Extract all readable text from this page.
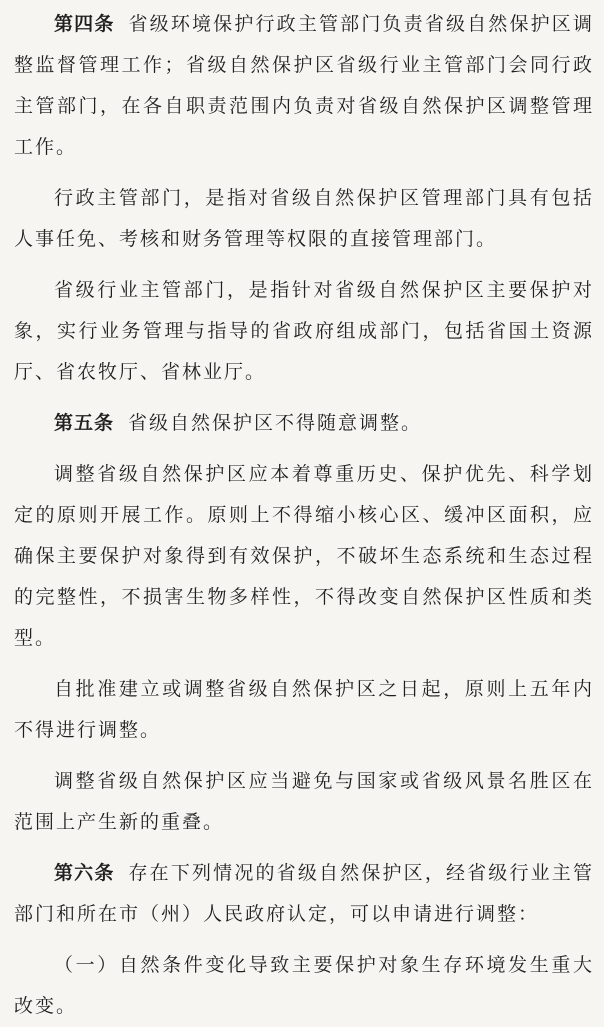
第四条 省级环境保护行政主管部门负责省级自然保护区调整监督管理工作；省级自然保护区省级行业主管部门会同行政主管部门，在各自职责范围内负责对省级自然保护区调整管理工作。

行政主管部门，是指对省级自然保护区管理部门具有包括人事任免、考核和财务管理等权限的直接管理部门。

省级行业主管部门，是指针对省级自然保护区主要保护对象，实行业务管理与指导的省政府组成部门，包括省国土资源厅、省农牧厅、省林业厅。

第五条 省级自然保护区不得随意调整。

调整省级自然保护区应本着尊重历史、保护优先、科学划定的原则开展工作。原则上不得缩小核心区、缓冲区面积，应确保主要保护对象得到有效保护，不破坏生态系统和生态过程的完整性，不损害生物多样性，不得改变自然保护区性质和类型。

自批准建立或调整省级自然保护区之日起，原则上五年内不得进行调整。

调整省级自然保护区应当避免与国家或省级风景名胜区在范围上产生新的重叠。

第六条 存在下列情况的省级自然保护区，经省级行业主管部门和所在市（州）人民政府认定，可以申请进行调整：

（一）自然条件变化导致主要保护对象生存环境发生重大改变。
